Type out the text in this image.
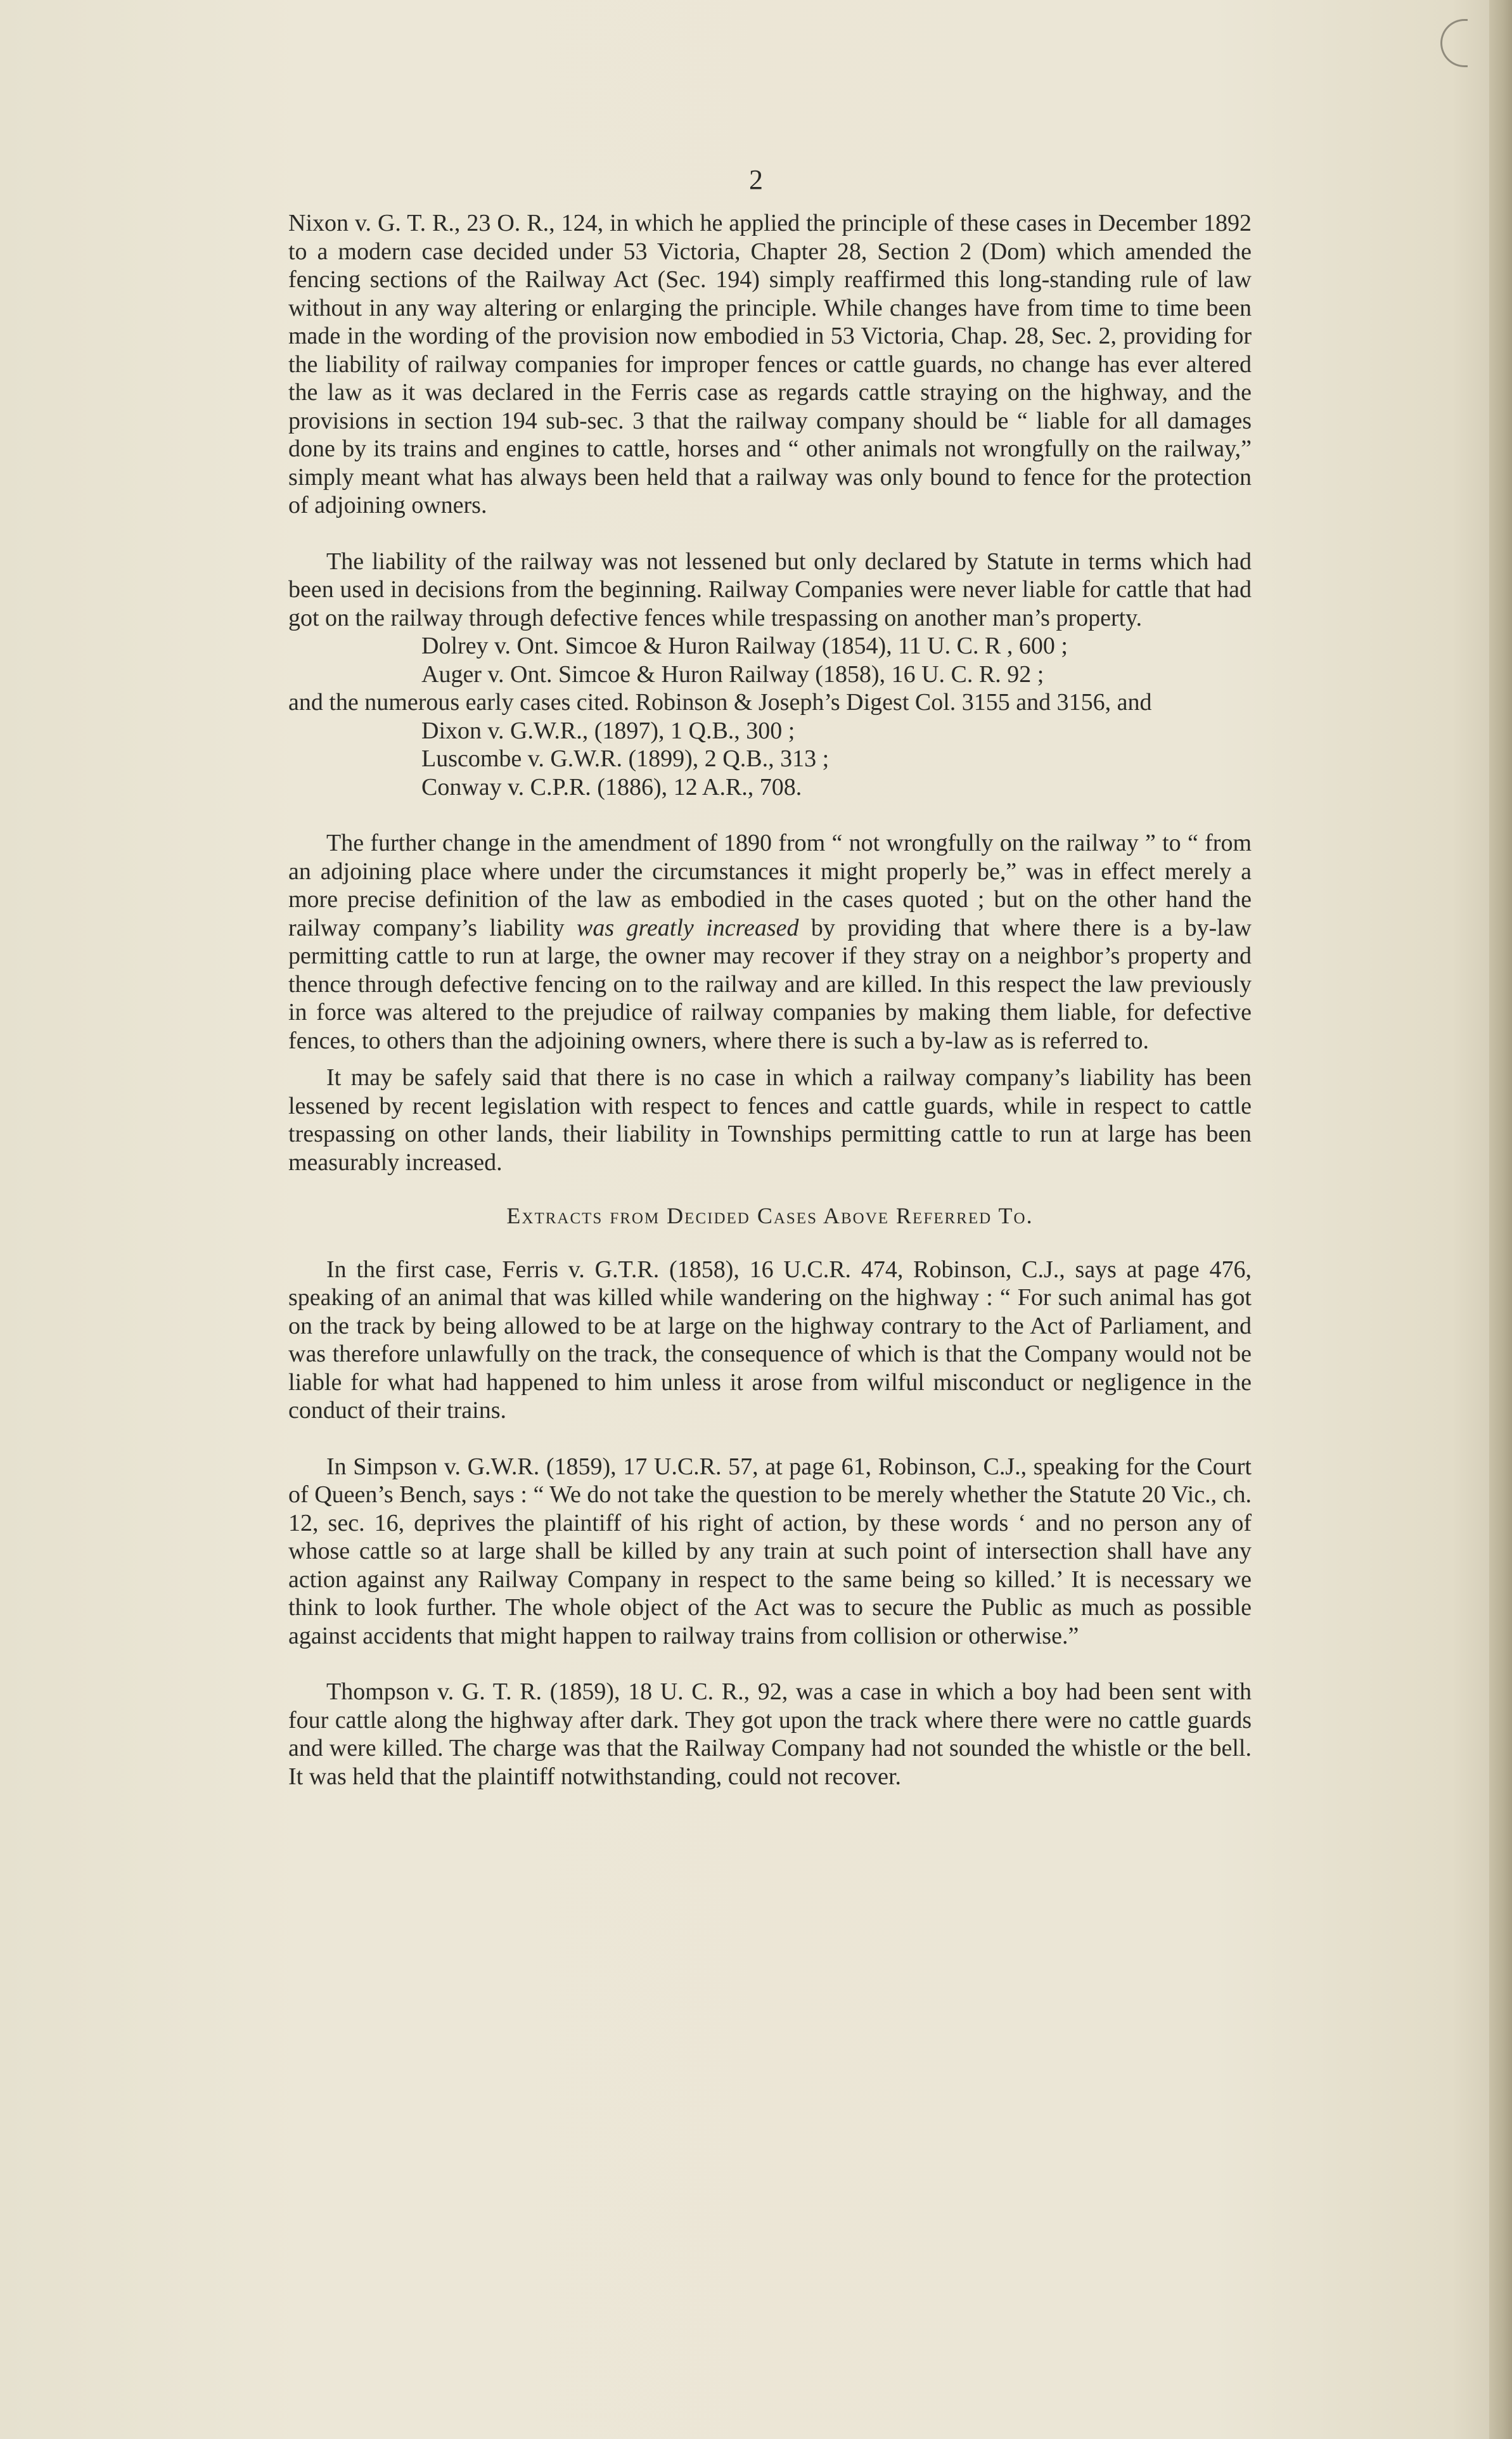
2

Nixon v. G. T. R., 23 O. R., 124, in which he applied the principle of these cases in December 1892 to a modern case decided under 53 Victoria, Chapter 28, Section 2 (Dom) which amended the fencing sections of the Railway Act (Sec. 194) simply reaffirmed this long-standing rule of law without in any way altering or enlarging the principle. While changes have from time to time been made in the wording of the provision now embodied in 53 Victoria, Chap. 28, Sec. 2, providing for the liability of railway companies for improper fences or cattle guards, no change has ever altered the law as it was declared in the Ferris case as regards cattle straying on the highway, and the provisions in section 194 sub-sec. 3 that the railway company should be “ liable for all damages done by its trains and engines to cattle, horses and “ other animals not wrongfully on the railway,” simply meant what has always been held that a railway was only bound to fence for the protection of adjoining owners.

The liability of the railway was not lessened but only declared by Statute in terms which had been used in decisions from the beginning. Railway Companies were never liable for cattle that had got on the railway through defective fences while trespassing on another man’s property.

Dolrey v. Ont. Simcoe & Huron Railway (1854), 11 U. C. R , 600 ;

Auger v. Ont. Simcoe & Huron Railway (1858), 16 U. C. R. 92 ;

and the numerous early cases cited. Robinson & Joseph’s Digest Col. 3155 and 3156, and

Dixon v. G.W.R., (1897), 1 Q.B., 300 ;

Luscombe v. G.W.R. (1899), 2 Q.B., 313 ;

Conway v. C.P.R. (1886), 12 A.R., 708.

The further change in the amendment of 1890 from “ not wrongfully on the railway ” to “ from an adjoining place where under the circumstances it might properly be,” was in effect merely a more precise definition of the law as embodied in the cases quoted ; but on the other hand the railway company’s liability was greatly increased by providing that where there is a by-law permitting cattle to run at large, the owner may recover if they stray on a neighbor’s property and thence through defective fencing on to the railway and are killed. In this respect the law previously in force was altered to the prejudice of railway companies by making them liable, for defective fences, to others than the adjoining owners, where there is such a by-law as is referred to.

It may be safely said that there is no case in which a railway company’s liability has been lessened by recent legislation with respect to fences and cattle guards, while in respect to cattle trespassing on other lands, their liability in Townships permitting cattle to run at large has been measurably increased.

Extracts from Decided Cases Above Referred To.

In the first case, Ferris v. G.T.R. (1858), 16 U.C.R. 474, Robinson, C.J., says at page 476, speaking of an animal that was killed while wandering on the highway : “ For such animal has got on the track by being allowed to be at large on the highway contrary to the Act of Parliament, and was therefore unlawfully on the track, the consequence of which is that the Company would not be liable for what had happened to him unless it arose from wilful misconduct or negligence in the conduct of their trains.

In Simpson v. G.W.R. (1859), 17 U.C.R. 57, at page 61, Robinson, C.J., speaking for the Court of Queen’s Bench, says : “ We do not take the question to be merely whether the Statute 20 Vic., ch. 12, sec. 16, deprives the plaintiff of his right of action, by these words ‘ and no person any of whose cattle so at large shall be killed by any train at such point of intersection shall have any action against any Railway Company in respect to the same being so killed.’ It is necessary we think to look further. The whole object of the Act was to secure the Public as much as possible against accidents that might happen to railway trains from collision or otherwise.”

Thompson v. G. T. R. (1859), 18 U. C. R., 92, was a case in which a boy had been sent with four cattle along the highway after dark. They got upon the track where there were no cattle guards and were killed. The charge was that the Railway Company had not sounded the whistle or the bell. It was held that the plaintiff notwithstanding, could not recover.
